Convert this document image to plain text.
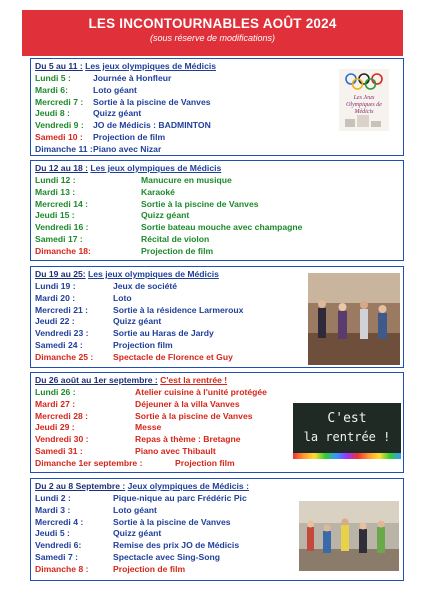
LES INCONTOURNABLES AOÛT 2024
(sous réserve de modifications)
Du 5 au 11 : Les jeux olympiques de Médicis
Lundi 5 :	Journée à Honfleur
Mardi 6:	Loto géant
Mercredi 7 : Sortie à la piscine de Vanves
Jeudi 8 :	Quizz géant
Vendredi 9 : JO de Médicis : BADMINTON
Samedi 10 : Projection de film
Dimanche 11 : Piano avec Nizar
Les Jeux
Olympiques de
Médicis
Du 12 au 18 : Les jeux olympiques de Médicis
Lundi 12 :	Manucure en musique
Mardi 13 :	Karaoké
Mercredi 14 :	Sortie à la piscine de Vanves
Jeudi 15 :	Quizz géant
Vendredi 16 :	Sortie bateau mouche avec champagne
Samedi 17 :	Récital de violon
Dimanche 18:	Projection de film
Du 19 au 25: Les jeux olympiques de Médicis
Lundi 19 :	Jeux de société
Mardi 20 :	Loto
Mercredi 21 :	Sortie à la résidence Larmeroux
Jeudi 22 :	Quizz géant
Vendredi 23 :	Sortie au Haras de Jardy
Samedi 24 :	Projection film
Dimanche 25 : Spectacle de Florence et Guy
Du 26 août au 1er septembre : C'est la rentrée !
Lundi 26 :	Atelier cuisine à l'unité protégée
Mardi 27 :	Déjeuner à la villa Vanves
Mercredi 28 :	Sortie à la piscine de Vanves
Jeudi 29 :	Messe
Vendredi 30 :	Repas à thème : Bretagne
Samedi 31 :	Piano avec Thibault
Dimanche 1er septembre :	Projection film
C'est
la rentrée !
Du 2 au 8 Septembre : Jeux olympiques de Médicis :
Lundi 2 :	Pique-nique au parc Frédéric Pic
Mardi 3 :	Loto géant
Mercredi 4 :	Sortie à la piscine de Vanves
Jeudi 5 :	Quizz géant
Vendredi 6:	Remise des prix JO de Médicis
Samedi 7 :	Spectacle avec Sing-Song
Dimanche 8 :	Projection de film
